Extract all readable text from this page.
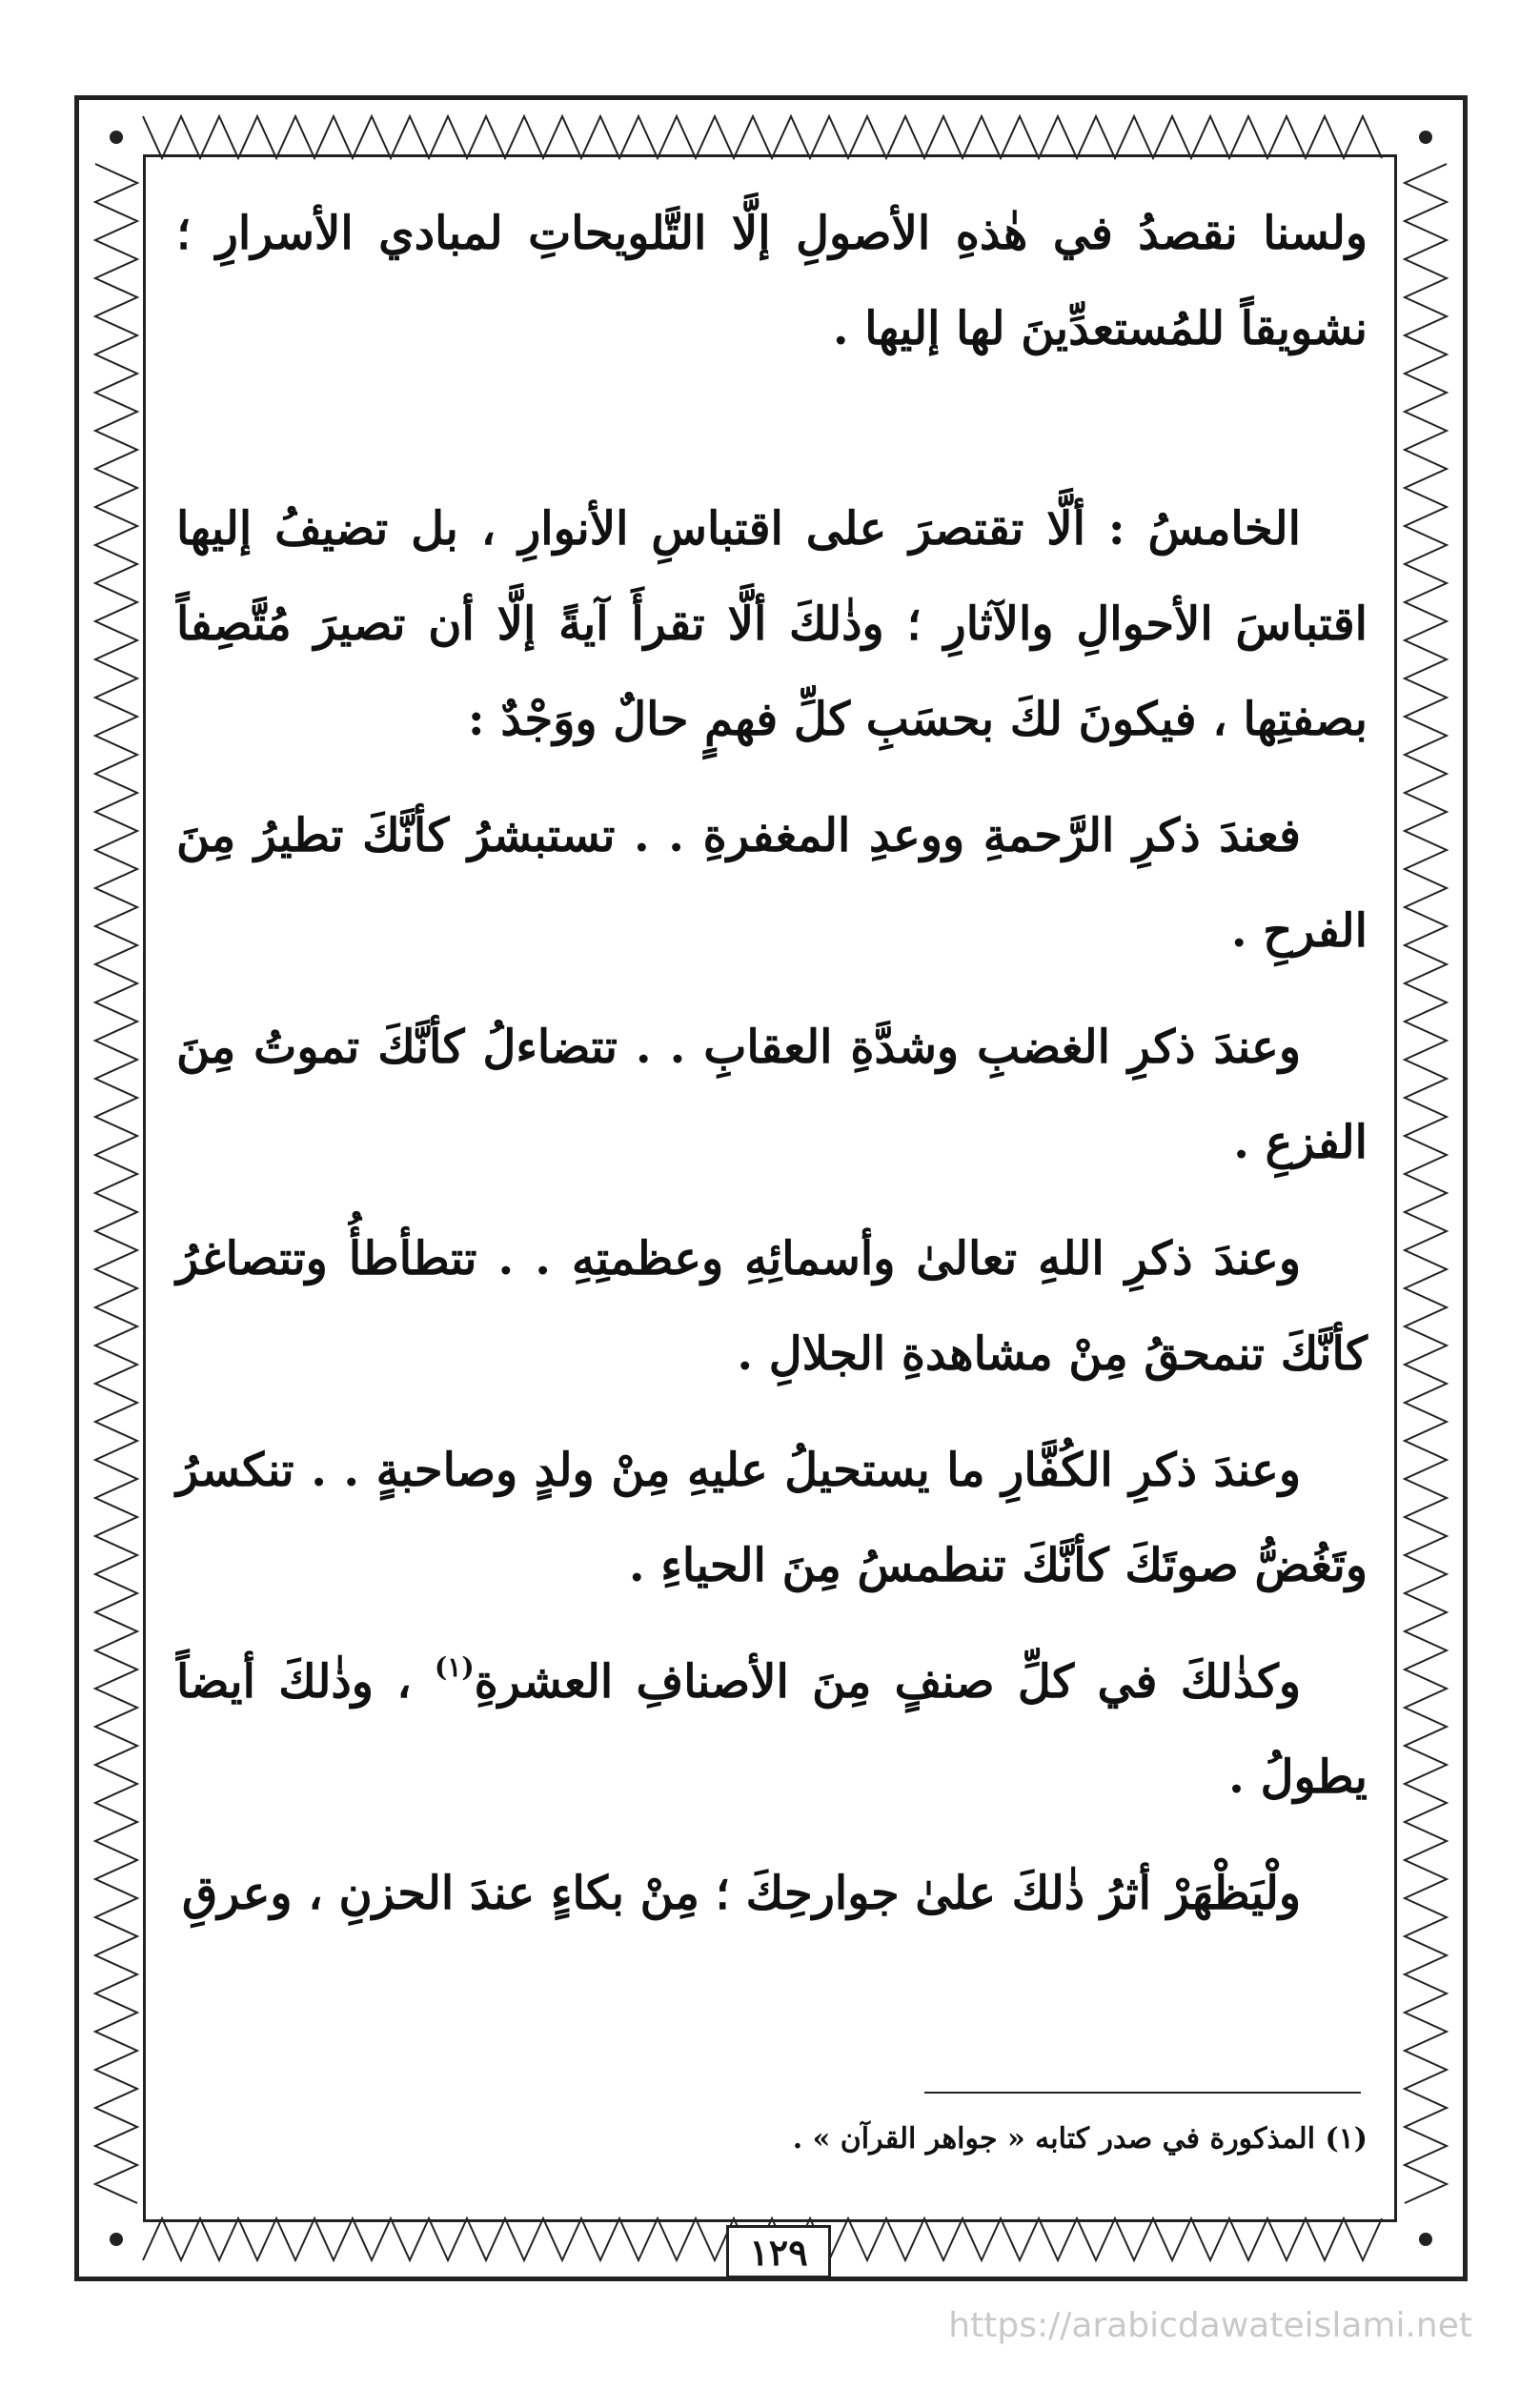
ولسنا نقصدُ في هٰذهِ الأصولِ إلَّا التَّلويحاتِ لمبادي الأسرارِ ؛ نشويقاً للمُستعدِّينَ لها إليها .

الخامسُ : ألَّا تقتصرَ على اقتباسِ الأنوارِ ، بل تضيفُ إليها اقتباسَ الأحوالِ والآثارِ ؛ وذٰلكَ ألَّا تقرأَ آيةً إلَّا أن تصيرَ مُتَّصِفاً بصفتِها ، فيكونَ لكَ بحسَبِ كلِّ فهمٍ حالٌ ووَجْدٌ :

فعندَ ذكرِ الرَّحمةِ ووعدِ المغفرةِ . . تستبشرُ كأنَّكَ تطيرُ مِنَ الفرحِ .

وعندَ ذكرِ الغضبِ وشدَّةِ العقابِ . . تتضاءلُ كأنَّكَ تموتُ مِنَ الفزعِ .

وعندَ ذكرِ اللهِ تعالىٰ وأسمائِهِ وعظمتِهِ . . تتطأطأُ وتتصاغرُ كأنَّكَ تنمحقُ مِنْ مشاهدةِ الجلالِ .

وعندَ ذكرِ الكُفَّارِ ما يستحيلُ عليهِ مِنْ ولدٍ وصاحبةٍ . . تنكسرُ وتَغُضُّ صوتَكَ كأنَّكَ تنطمسُ مِنَ الحياءِ .

وكذٰلكَ في كلِّ صنفٍ مِنَ الأصنافِ العشرةِ$^{(١)}$ ، وذٰلكَ أيضاً يطولُ .

ولْيَظْهَرْ أثرُ ذٰلكَ علىٰ جوارحِكَ ؛ مِنْ بكاءٍ عندَ الحزنِ ، وعرقِ

(١) المذكورة في صدر كتابه « جواهر القرآن » .
١٢٩
https://arabicdawateislami.net
